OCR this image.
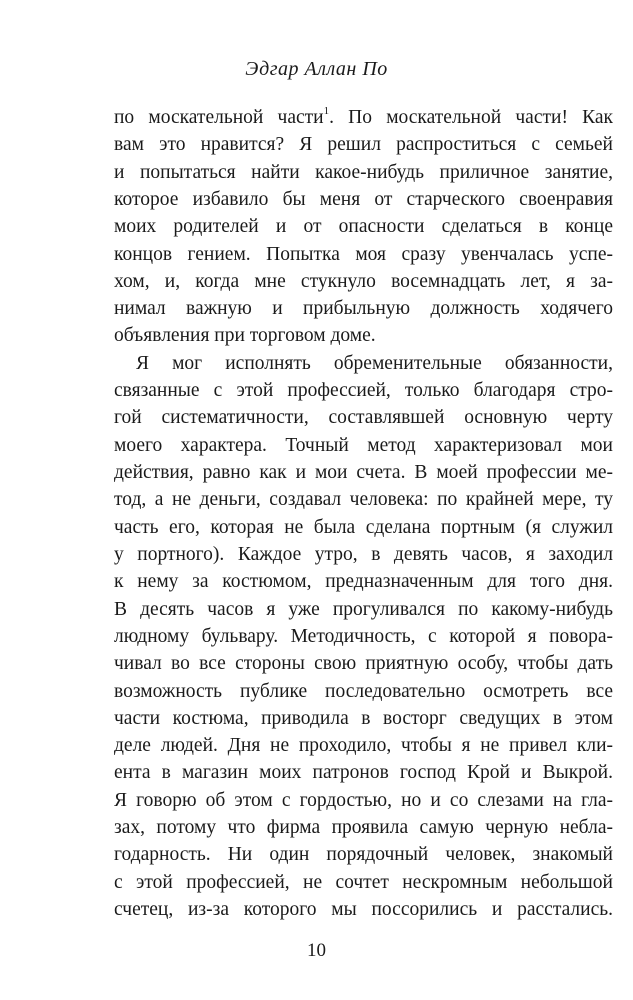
Эдгар Аллан По
по москательной части$^1$. По москательной части! Как
вам это нравится? Я решил распроститься с семьей
и попытаться найти какое-нибудь приличное занятие,
которое избавило бы меня от старческого своенравия
моих родителей и от опасности сделаться в конце
концов гением. Попытка моя сразу увенчалась успе-
хом, и, когда мне стукнуло восемнадцать лет, я за-
нимал важную и прибыльную должность ходячего
объявления при торговом доме.
Я мог исполнять обременительные обязанности,
связанные с этой профессией, только благодаря стро-
гой систематичности, составлявшей основную черту
моего характера. Точный метод характеризовал мои
действия, равно как и мои счета. В моей профессии ме-
тод, а не деньги, создавал человека: по крайней мере, ту
часть его, которая не была сделана портным (я служил
у портного). Каждое утро, в девять часов, я заходил
к нему за костюмом, предназначенным для того дня.
В десять часов я уже прогуливался по какому-нибудь
людному бульвару. Методичность, с которой я повора-
чивал во все стороны свою приятную особу, чтобы дать
возможность публике последовательно осмотреть все
части костюма, приводила в восторг сведущих в этом
деле людей. Дня не проходило, чтобы я не привел кли-
ента в магазин моих патронов господ Крой и Выкрой.
Я говорю об этом с гордостью, но и со слезами на гла-
зах, потому что фирма проявила самую черную небла-
годарность. Ни один порядочный человек, знакомый
с этой профессией, не сочтет нескромным небольшой
счетец, из-за которого мы поссорились и расстались.
10
